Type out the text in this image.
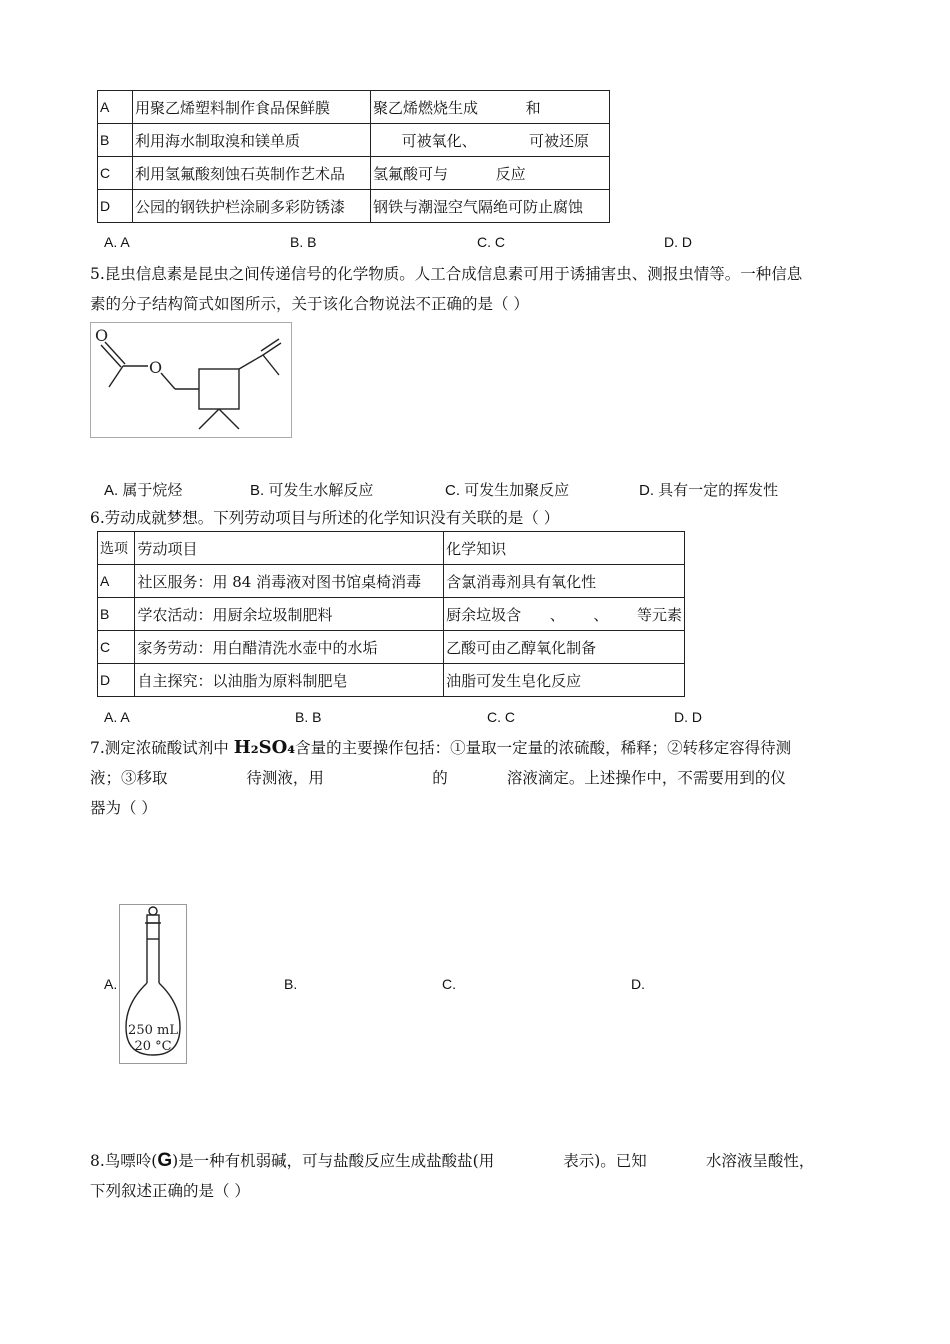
A	用聚乙烯塑料制作食品保鲜膜	聚乙烯燃烧生成          和
B	利用海水制取溴和镁单质	可被氧化、           可被还原
C	利用氢氟酸刻蚀石英制作艺术品	氢氟酸可与          反应
D	公园的钢铁护栏涂刷多彩防锈漆	钢铁与潮湿空气隔绝可防止腐蚀
A. A	B. B	C. C	D. D
5.昆虫信息素是昆虫之间传递信号的化学物质。人工合成信息素可用于诱捕害虫、测报虫情等。一种信息
素的分子结构简式如图所示，关于该化合物说法不正确的是（ ）
O
O
A. 属于烷烃	B. 可发生水解反应	C. 可发生加聚反应	D. 具有一定的挥发性
6.劳动成就梦想。下列劳动项目与所述的化学知识没有关联的是（ ）
选项	劳动项目	化学知识
A	社区服务：用 84 消毒液对图书馆桌椅消毒	含氯消毒剂具有氧化性
B	学农活动：用厨余垃圾制肥料	厨余垃圾含      、      、      等元素
C	家务劳动：用白醋清洗水壶中的水垢	乙酸可由乙醇氧化制备
D	自主探究：以油脂为原料制肥皂	油脂可发生皂化反应
A. A	B. B	C. C	D. D
7.测定浓硫酸试剂中 H₂SO₄含量的主要操作包括：①量取一定量的浓硫酸，稀释；②转移定容得待测
液；③移取                待测液，用                      的            溶液滴定。上述操作中，不需要用到的仪
器为（ ）
A.
250 mL
20 °C
B.	C.	D.
8.鸟嘌呤(G)是一种有机弱碱，可与盐酸反应生成盐酸盐(用              表示)。已知            水溶液呈酸性，
下列叙述正确的是（ ）
